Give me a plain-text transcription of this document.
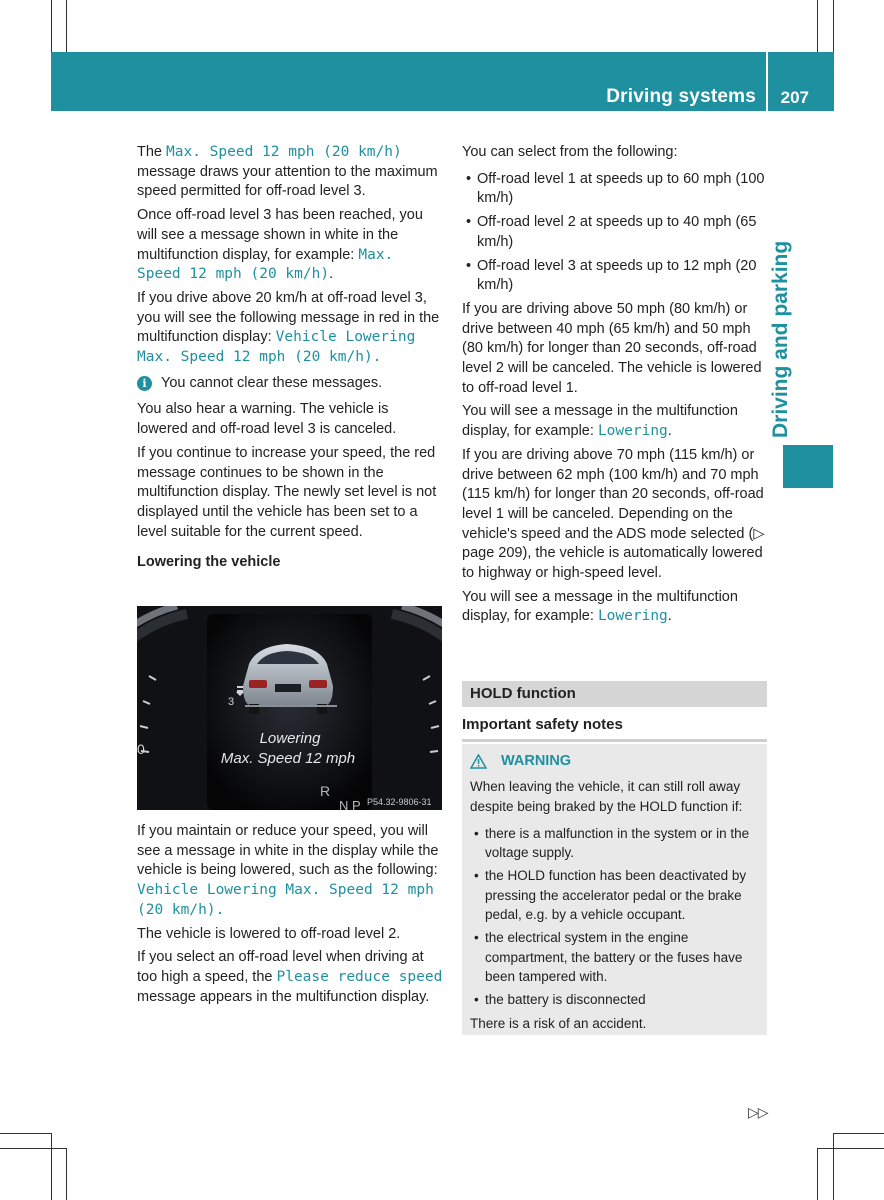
Driving systems 207
Driving and parking

The Max. Speed 12 mph (20 km/h) message draws your attention to the maximum speed permitted for off-road level 3.

Once off-road level 3 has been reached, you will see a message shown in white in the multifunction display, for example: Max. Speed 12 mph (20 km/h).

If you drive above 20 km/h at off-road level 3, you will see the following message in red in the multifunction display: Vehicle Lowering Max. Speed 12 mph (20 km/h).

i You cannot clear these messages.

You also hear a warning. The vehicle is lowered and off-road level 3 is canceled.

If you continue to increase your speed, the red message continues to be shown in the multifunction display. The newly set level is not displayed until the vehicle has been set to a level suitable for the current speed.

Lowering the vehicle

0
3
Lowering
Max. Speed 12 mph
R
N P P54.32-9806-31

If you maintain or reduce your speed, you will see a message in white in the display while the vehicle is being lowered, such as the following: Vehicle Lowering Max. Speed 12 mph (20 km/h).

The vehicle is lowered to off-road level 2.

If you select an off-road level when driving at too high a speed, the Please reduce speed message appears in the multifunction display.

You can select from the following:

• Off-road level 1 at speeds up to 60 mph (100 km/h)

• Off-road level 2 at speeds up to 40 mph (65 km/h)

• Off-road level 3 at speeds up to 12 mph (20 km/h)

If you are driving above 50 mph (80 km/h) or drive between 40 mph (65 km/h) and 50 mph (80 km/h) for longer than 20 seconds, off-road level 2 will be canceled. The vehicle is lowered to off-road level 1.

You will see a message in the multifunction display, for example: Lowering.

If you are driving above 70 mph (115 km/h) or drive between 62 mph (100 km/h) and 70 mph (115 km/h) for longer than 20 seconds, off-road level 1 will be canceled. Depending on the vehicle's speed and the ADS mode selected (▷ page 209), the vehicle is automatically lowered to highway or high-speed level.

You will see a message in the multifunction display, for example: Lowering.

HOLD function
Important safety notes

WARNING

When leaving the vehicle, it can still roll away despite being braked by the HOLD function if:

• there is a malfunction in the system or in the voltage supply.

• the HOLD function has been deactivated by pressing the accelerator pedal or the brake pedal, e.g. by a vehicle occupant.

• the electrical system in the engine compartment, the battery or the fuses have been tampered with.

• the battery is disconnected

There is a risk of an accident.

▷▷
